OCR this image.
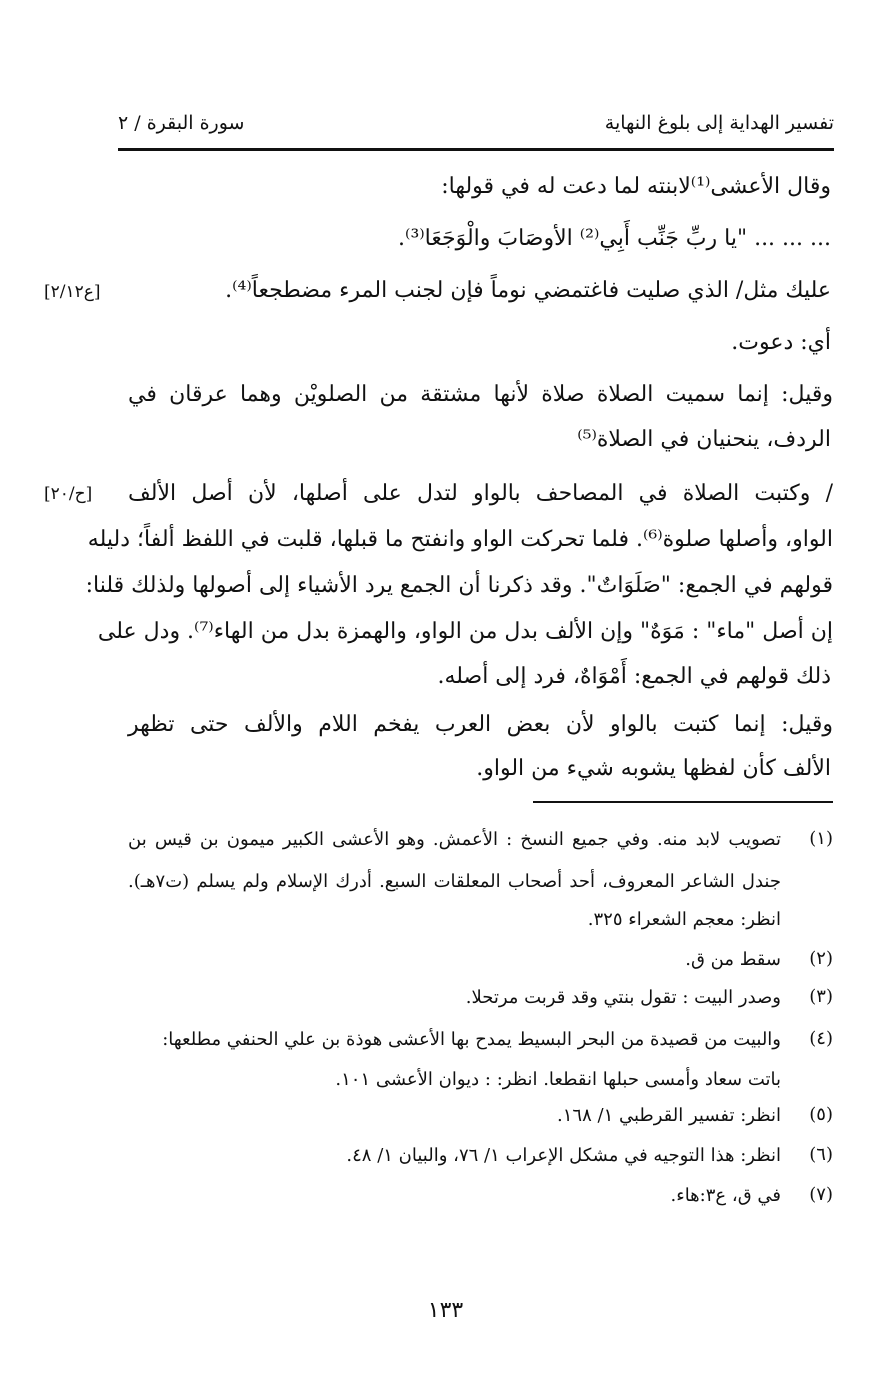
تفسير الهداية إلى بلوغ النهاية
سورة البقرة / ٢
وقال الأعشى⁽¹⁾لابنته لما دعت له في قولها:
... ... ... "يا ربِّ جَنِّب أَبِي⁽²⁾ الأوصَابَ والْوَجَعَا⁽³⁾.
عليك مثل/ الذي صليت فاغتمضي نوماً فإن لجنب المرء مضطجعاً⁽⁴⁾.
[ع٢/١٢]
أي: دعوت.
وقيل: إنما سميت الصلاة صلاة لأنها مشتقة من الصلويْن وهما عرقان في
الردف، ينحنيان في الصلاة⁽⁵⁾
/ وكتبت الصلاة في المصاحف بالواو لتدل على أصلها، لأن أصل الألف
[ح/٢٠]
الواو، وأصلها صلوة⁽⁶⁾. فلما تحركت الواو وانفتح ما قبلها، قلبت في اللفظ ألفاً؛ دليله
قولهم في الجمع: "صَلَوَاتٌ". وقد ذكرنا أن الجمع يرد الأشياء إلى أصولها ولذلك قلنا:
إن أصل "ماء" : مَوَهٌ" وإن الألف بدل من الواو، والهمزة بدل من الهاء⁽⁷⁾. ودل على
ذلك قولهم في الجمع: أَمْوَاهٌ، فرد إلى أصله.
وقيل: إنما كتبت بالواو لأن بعض العرب يفخم اللام والألف حتى تظهر
الألف كأن لفظها يشوبه شيء من الواو.
(١)
تصويب لابد منه. وفي جميع النسخ : الأعمش. وهو الأعشى الكبير ميمون بن قيس بن
جندل الشاعر المعروف، أحد أصحاب المعلقات السبع. أدرك الإسلام ولم يسلم (ت٧هـ).
انظر: معجم الشعراء ٣٢٥.
(٢)
سقط من ق.
(٣)
وصدر البيت : تقول بنتي وقد قربت مرتحلا.
(٤)
والبيت من قصيدة من البحر البسيط يمدح بها الأعشى هوذة بن علي الحنفي مطلعها:
باتت سعاد وأمسى حبلها انقطعا. انظر: : ديوان الأعشى ١٠١.
(٥)
انظر: تفسير القرطبي ١/ ١٦٨.
(٦)
انظر: هذا التوجيه في مشكل الإعراب ١/ ٧٦، والبيان ١/ ٤٨.
(٧)
في ق، ع٣:هاء.
١٣٣
